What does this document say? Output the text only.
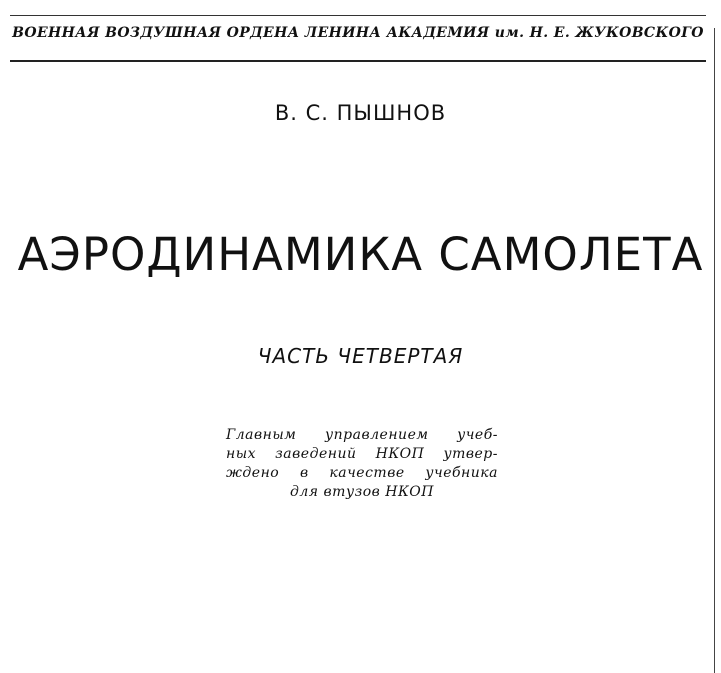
ВОЕННАЯ ВОЗДУШНАЯ ОРДЕНА ЛЕНИНА АКАДЕМИЯ им. Н. Е. ЖУКОВСКОГО
В. С. ПЫШНОВ
АЭРОДИНАМИКА САМОЛЕТА
ЧАСТЬ ЧЕТВЕРТАЯ
Главным управлением учеб-
ных заведений НКОП утвер-
ждено в качестве учебника
для втузов НКОП
